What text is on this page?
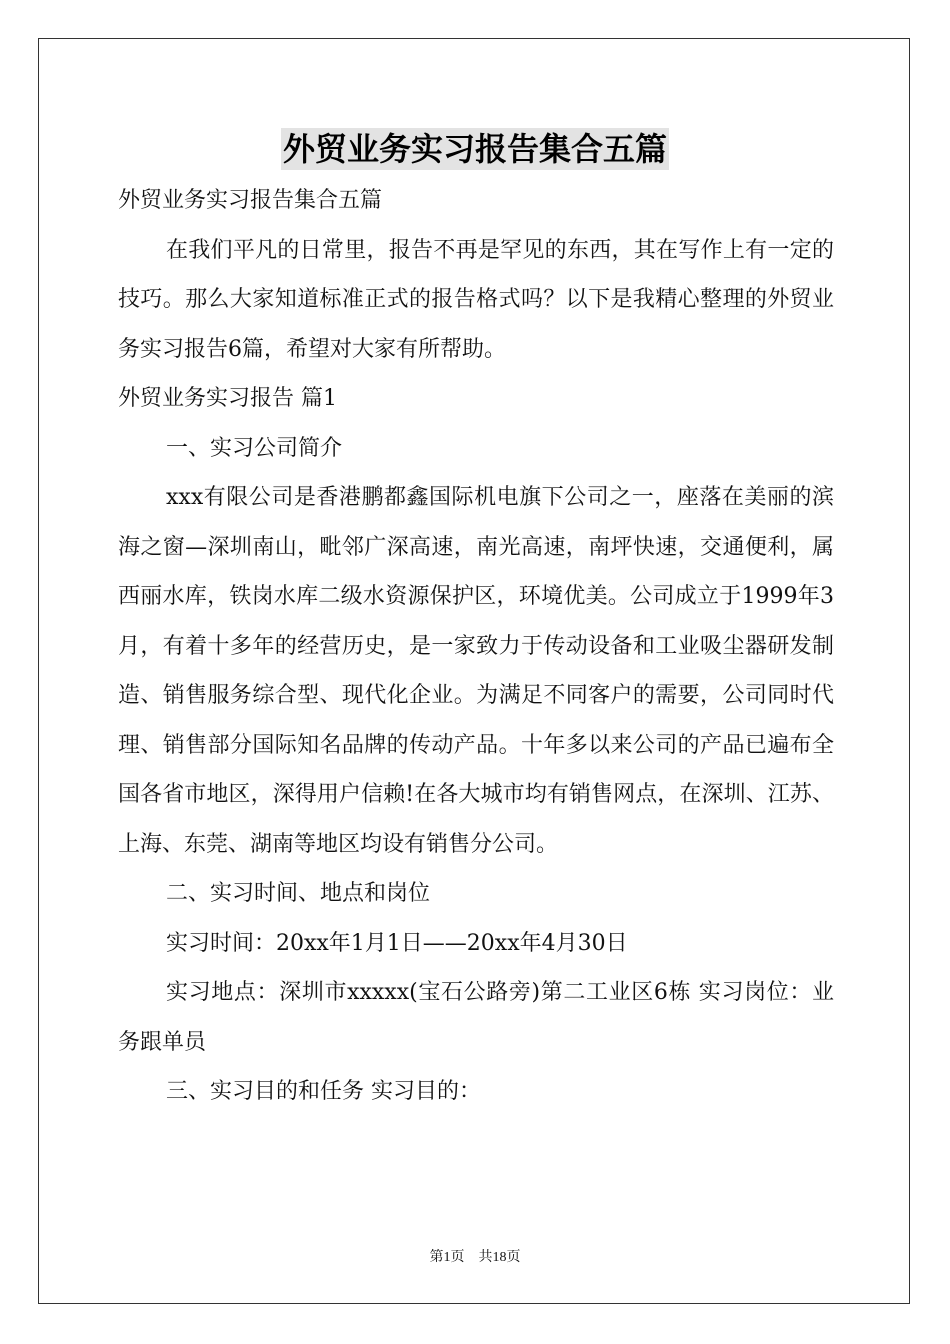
外贸业务实习报告集合五篇

外贸业务实习报告集合五篇

在我们平凡的日常里，报告不再是罕见的东西，其在写作上有一定的技巧。那么大家知道标准正式的报告格式吗？以下是我精心整理的外贸业务实习报告6篇，希望对大家有所帮助。

外贸业务实习报告 篇1

一、实习公司简介

xxx有限公司是香港鹏都鑫国际机电旗下公司之一，座落在美丽的滨海之窗—深圳南山，毗邻广深高速，南光高速，南坪快速，交通便利，属西丽水库，铁岗水库二级水资源保护区，环境优美。公司成立于1999年3月，有着十多年的经营历史，是一家致力于传动设备和工业吸尘器研发制造、销售服务综合型、现代化企业。为满足不同客户的需要，公司同时代理、销售部分国际知名品牌的传动产品。十年多以来公司的产品已遍布全国各省市地区，深得用户信赖!在各大城市均有销售网点，在深圳、江苏、上海、东莞、湖南等地区均设有销售分公司。

二、实习时间、地点和岗位

实习时间：20xx年1月1日——20xx年4月30日

实习地点：深圳市xxxxx(宝石公路旁)第二工业区6栋 实习岗位：业务跟单员

三、实习目的和任务 实习目的：

第1页　共18页
